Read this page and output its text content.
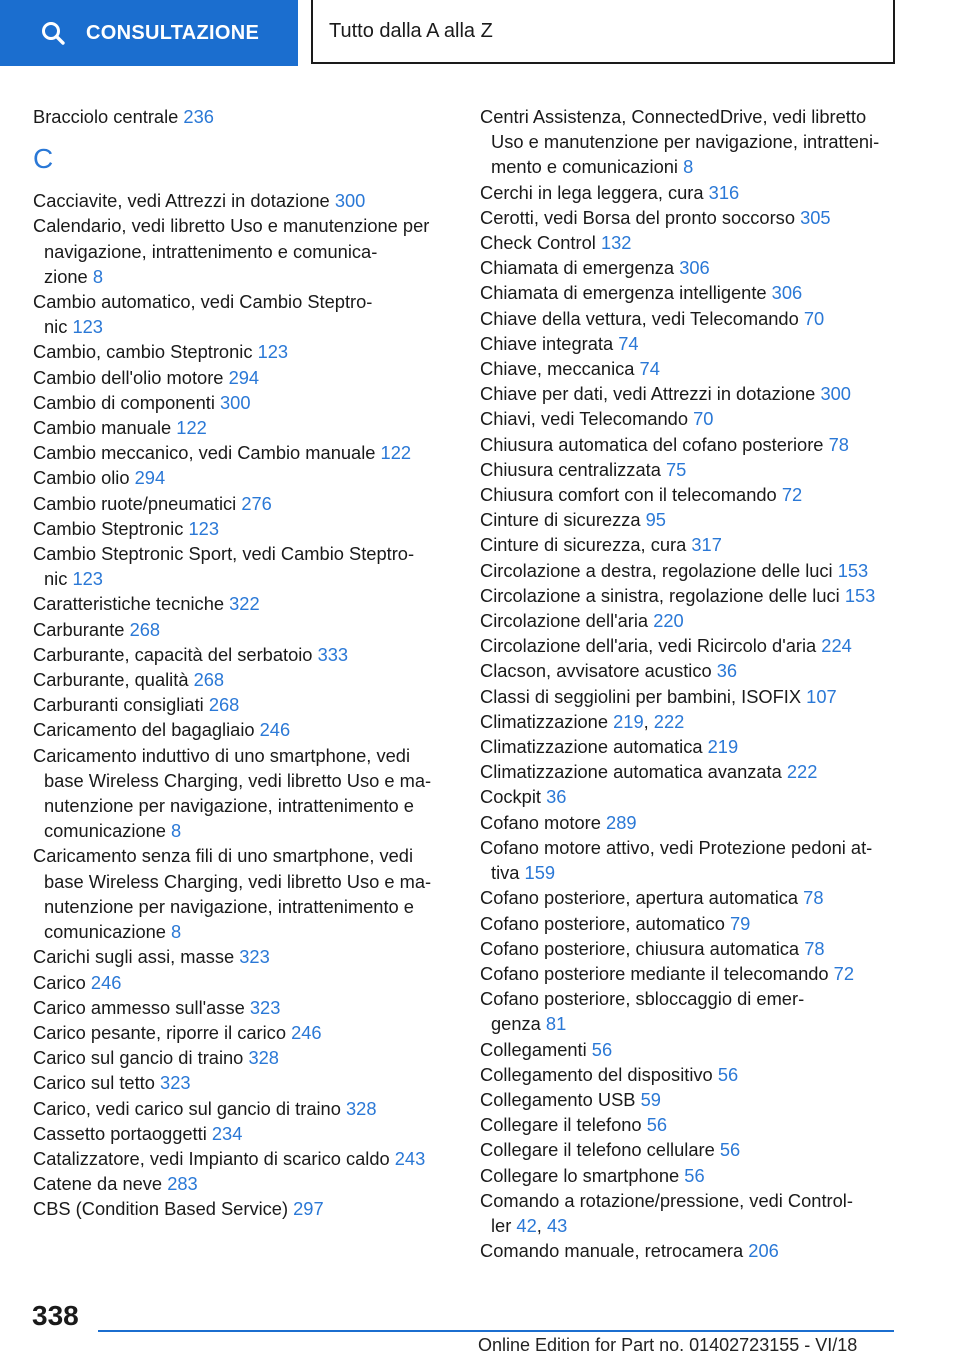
CONSULTAZIONE	Tutto dalla A alla Z
Bracciolo centrale 236
C
Cacciavite, vedi Attrezzi in dotazione 300
Calendario, vedi libretto Uso e manutenzione per
navigazione, intrattenimento e comunica-
zione 8
Cambio automatico, vedi Cambio Steptro-
nic 123
Cambio, cambio Steptronic 123
Cambio dell'olio motore 294
Cambio di componenti 300
Cambio manuale 122
Cambio meccanico, vedi Cambio manuale 122
Cambio olio 294
Cambio ruote/pneumatici 276
Cambio Steptronic 123
Cambio Steptronic Sport, vedi Cambio Steptro-
nic 123
Caratteristiche tecniche 322
Carburante 268
Carburante, capacità del serbatoio 333
Carburante, qualità 268
Carburanti consigliati 268
Caricamento del bagagliaio 246
Caricamento induttivo di uno smartphone, vedi
base Wireless Charging, vedi libretto Uso e ma-
nutenzione per navigazione, intrattenimento e
comunicazione 8
Caricamento senza fili di uno smartphone, vedi
base Wireless Charging, vedi libretto Uso e ma-
nutenzione per navigazione, intrattenimento e
comunicazione 8
Carichi sugli assi, masse 323
Carico 246
Carico ammesso sull'asse 323
Carico pesante, riporre il carico 246
Carico sul gancio di traino 328
Carico sul tetto 323
Carico, vedi carico sul gancio di traino 328
Cassetto portaoggetti 234
Catalizzatore, vedi Impianto di scarico caldo 243
Catene da neve 283
CBS (Condition Based Service) 297
Centri Assistenza, ConnectedDrive, vedi libretto
Uso e manutenzione per navigazione, intratteni-
mento e comunicazioni 8
Cerchi in lega leggera, cura 316
Cerotti, vedi Borsa del pronto soccorso 305
Check Control 132
Chiamata di emergenza 306
Chiamata di emergenza intelligente 306
Chiave della vettura, vedi Telecomando 70
Chiave integrata 74
Chiave, meccanica 74
Chiave per dati, vedi Attrezzi in dotazione 300
Chiavi, vedi Telecomando 70
Chiusura automatica del cofano posteriore 78
Chiusura centralizzata 75
Chiusura comfort con il telecomando 72
Cinture di sicurezza 95
Cinture di sicurezza, cura 317
Circolazione a destra, regolazione delle luci 153
Circolazione a sinistra, regolazione delle luci 153
Circolazione dell'aria 220
Circolazione dell'aria, vedi Ricircolo d'aria 224
Clacson, avvisatore acustico 36
Classi di seggiolini per bambini, ISOFIX 107
Climatizzazione 219, 222
Climatizzazione automatica 219
Climatizzazione automatica avanzata 222
Cockpit 36
Cofano motore 289
Cofano motore attivo, vedi Protezione pedoni at-
tiva 159
Cofano posteriore, apertura automatica 78
Cofano posteriore, automatico 79
Cofano posteriore, chiusura automatica 78
Cofano posteriore mediante il telecomando 72
Cofano posteriore, sbloccaggio di emer-
genza 81
Collegamenti 56
Collegamento del dispositivo 56
Collegamento USB 59
Collegare il telefono 56
Collegare il telefono cellulare 56
Collegare lo smartphone 56
Comando a rotazione/pressione, vedi Control-
ler 42, 43
Comando manuale, retrocamera 206
338
Online Edition for Part no. 01402723155 - VI/18
